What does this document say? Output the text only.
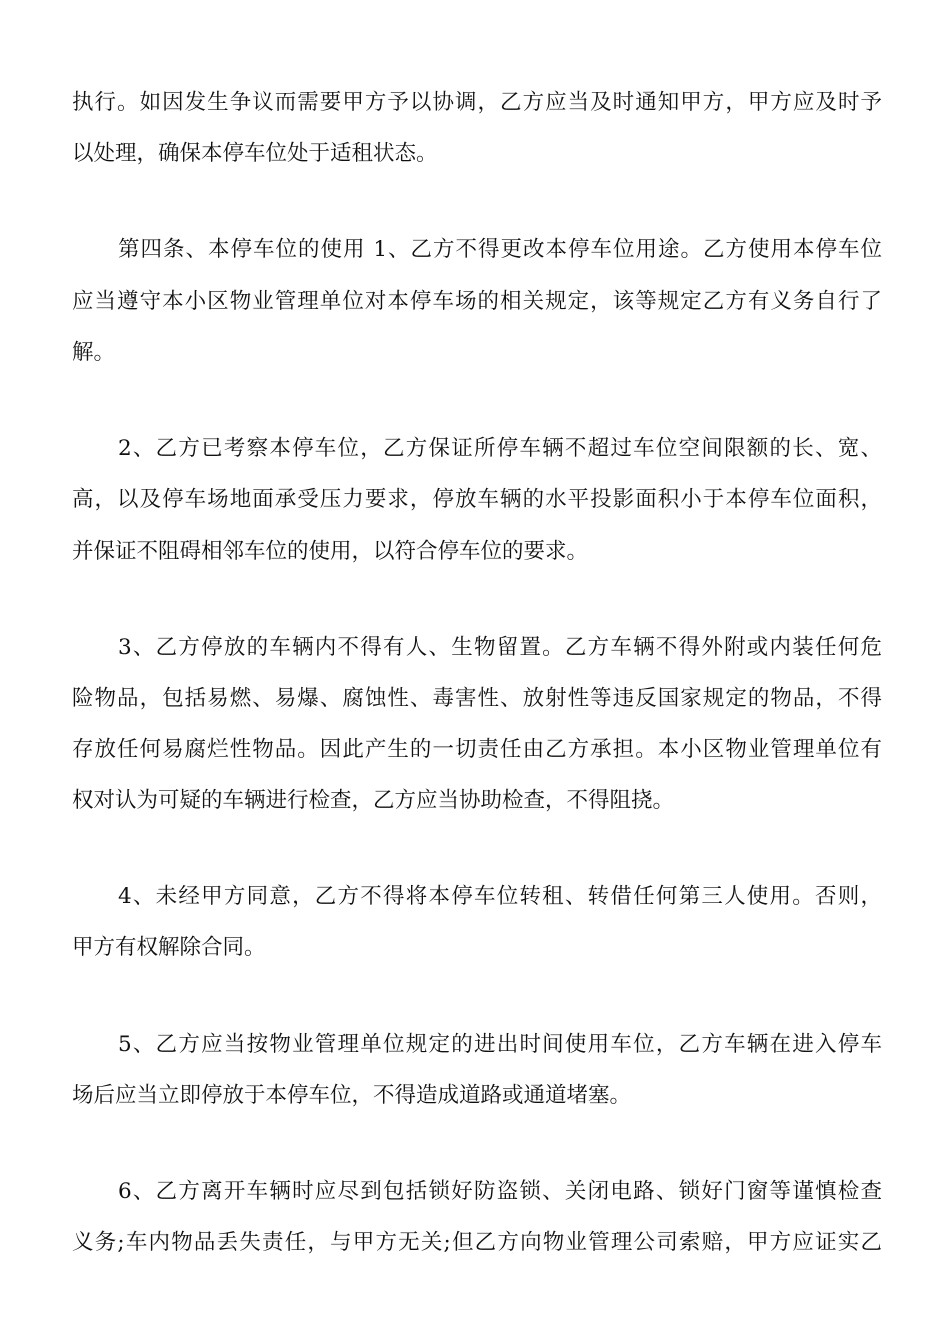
执行。如因发生争议而需要甲方予以协调，乙方应当及时通知甲方，甲方应及时予
以处理，确保本停车位处于适租状态。
第四条、本停车位的使用 1、乙方不得更改本停车位用途。乙方使用本停车位
应当遵守本小区物业管理单位对本停车场的相关规定，该等规定乙方有义务自行了
解。
2、乙方已考察本停车位，乙方保证所停车辆不超过车位空间限额的长、宽、
高，以及停车场地面承受压力要求，停放车辆的水平投影面积小于本停车位面积，
并保证不阻碍相邻车位的使用，以符合停车位的要求。
3、乙方停放的车辆内不得有人、生物留置。乙方车辆不得外附或内装任何危
险物品，包括易燃、易爆、腐蚀性、毒害性、放射性等违反国家规定的物品，不得
存放任何易腐烂性物品。因此产生的一切责任由乙方承担。本小区物业管理单位有
权对认为可疑的车辆进行检查，乙方应当协助检查，不得阻挠。
4、未经甲方同意，乙方不得将本停车位转租、转借任何第三人使用。否则，
甲方有权解除合同。
5、乙方应当按物业管理单位规定的进出时间使用车位，乙方车辆在进入停车
场后应当立即停放于本停车位，不得造成道路或通道堵塞。
6、乙方离开车辆时应尽到包括锁好防盗锁、关闭电路、锁好门窗等谨慎检查
义务;车内物品丢失责任，与甲方无关;但乙方向物业管理公司索赔，甲方应证实乙
